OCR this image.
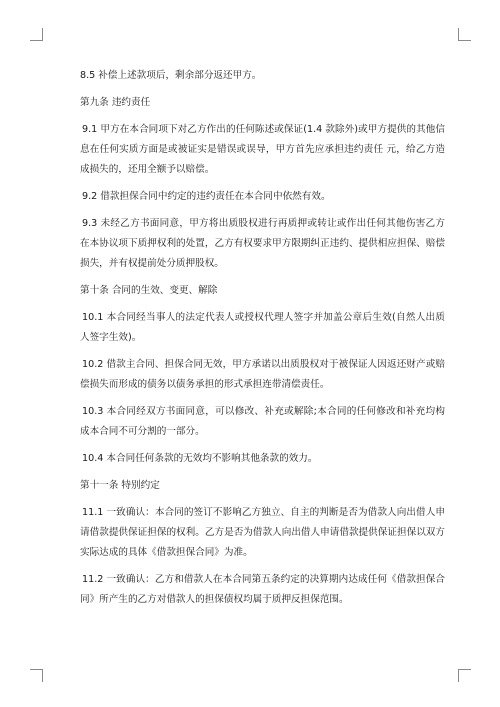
8.5 补偿上述款项后，剩余部分返还甲方。

第九条 违约责任

9.1 甲方在本合同项下对乙方作出的任何陈述或保证(1.4 款除外)或甲方提供的其他信息在任何实质方面是或被证实是错误或误导，甲方首先应承担违约责任 元，给乙方造成损失的，还用全额予以赔偿。

9.2 借款担保合同中约定的违约责任在本合同中依然有效。

9.3 未经乙方书面同意，甲方将出质股权进行再质押或转让或作出任何其他伤害乙方在本协议项下质押权利的处置，乙方有权要求甲方限期纠正违约、提供相应担保、赔偿损失，并有权提前处分质押股权。

第十条 合同的生效、变更、解除

10.1 本合同经当事人的法定代表人或授权代理人签字并加盖公章后生效(自然人出质人签字生效)。

10.2 借款主合同、担保合同无效，甲方承诺以出质股权对于被保证人因返还财产或赔偿损失而形成的债务以债务承担的形式承担连带清偿责任。

10.3 本合同经双方书面同意，可以修改、补充或解除;本合同的任何修改和补充均构成本合同不可分割的一部分。

10.4 本合同任何条款的无效均不影响其他条款的效力。

第十一条 特别约定

11.1 一致确认：本合同的签订不影响乙方独立、自主的判断是否为借款人向出借人申请借款提供保证担保的权利。乙方是否为借款人向出借人申请借款提供保证担保以双方实际达成的具体《借款担保合同》为准。

11.2 一致确认：乙方和借款人在本合同第五条约定的决算期内达成任何《借款担保合同》所产生的乙方对借款人的担保债权均属于质押反担保范围。
